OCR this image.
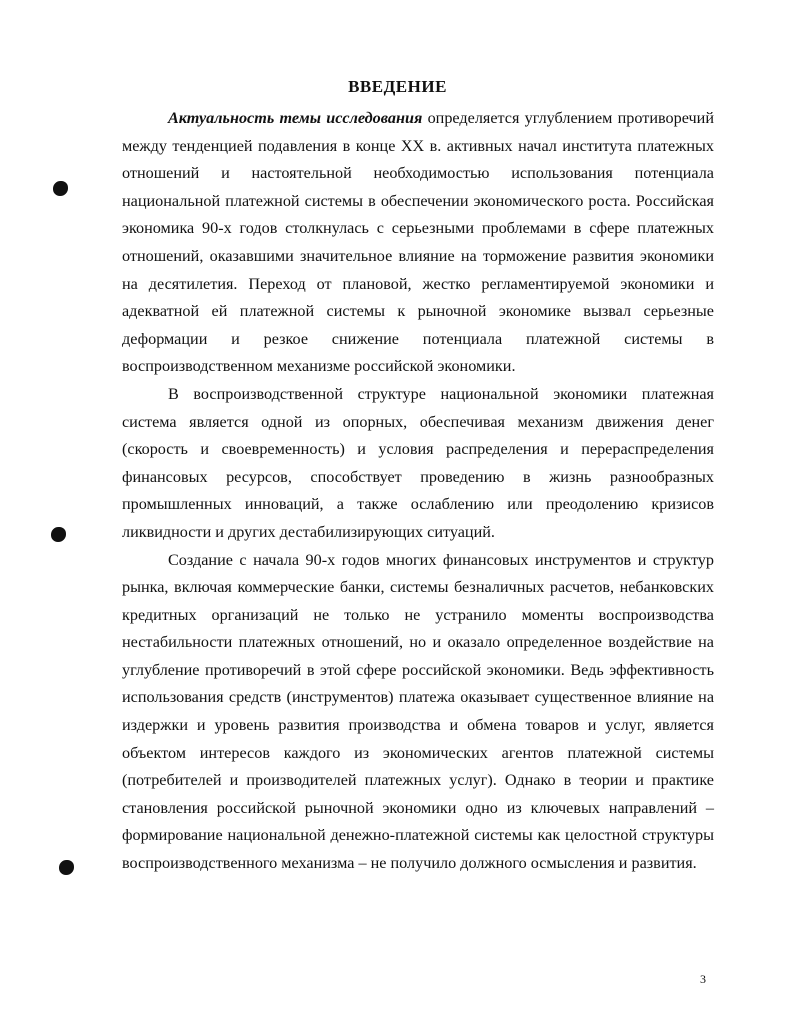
ВВЕДЕНИЕ

Актуальность темы исследования определяется углублением противоречий между тенденцией подавления в конце XX в. активных начал института платежных отношений и настоятельной необходимостью использования потенциала национальной платежной системы в обеспечении экономического роста. Российская экономика 90-х годов столкнулась с серьезными проблемами в сфере платежных отношений, оказавшими значительное влияние на торможение развития экономики на десятилетия. Переход от плановой, жестко регламентируемой экономики и адекватной ей платежной системы к рыночной экономике вызвал серьезные деформации и резкое снижение потенциала платежной системы в воспроизводственном механизме российской экономики.

В воспроизводственной структуре национальной экономики платежная система является одной из опорных, обеспечивая механизм движения денег (скорость и своевременность) и условия распределения и перераспределения финансовых ресурсов, способствует проведению в жизнь разнообразных промышленных инноваций, а также ослаблению или преодолению кризисов ликвидности и других дестабилизирующих ситуаций.

Создание с начала 90-х годов многих финансовых инструментов и структур рынка, включая коммерческие банки, системы безналичных расчетов, небанковских кредитных организаций не только не устранило моменты воспроизводства нестабильности платежных отношений, но и оказало определенное воздействие на углубление противоречий в этой сфере российской экономики. Ведь эффективность использования средств (инструментов) платежа оказывает существенное влияние на издержки и уровень развития производства и обмена товаров и услуг, является объектом интересов каждого из экономических агентов платежной системы (потребителей и производителей платежных услуг). Однако в теории и практике становления российской рыночной экономики одно из ключевых направлений – формирование национальной денежно-платежной системы как целостной структуры воспроизводственного механизма – не получило должного осмысления и развития.

3
